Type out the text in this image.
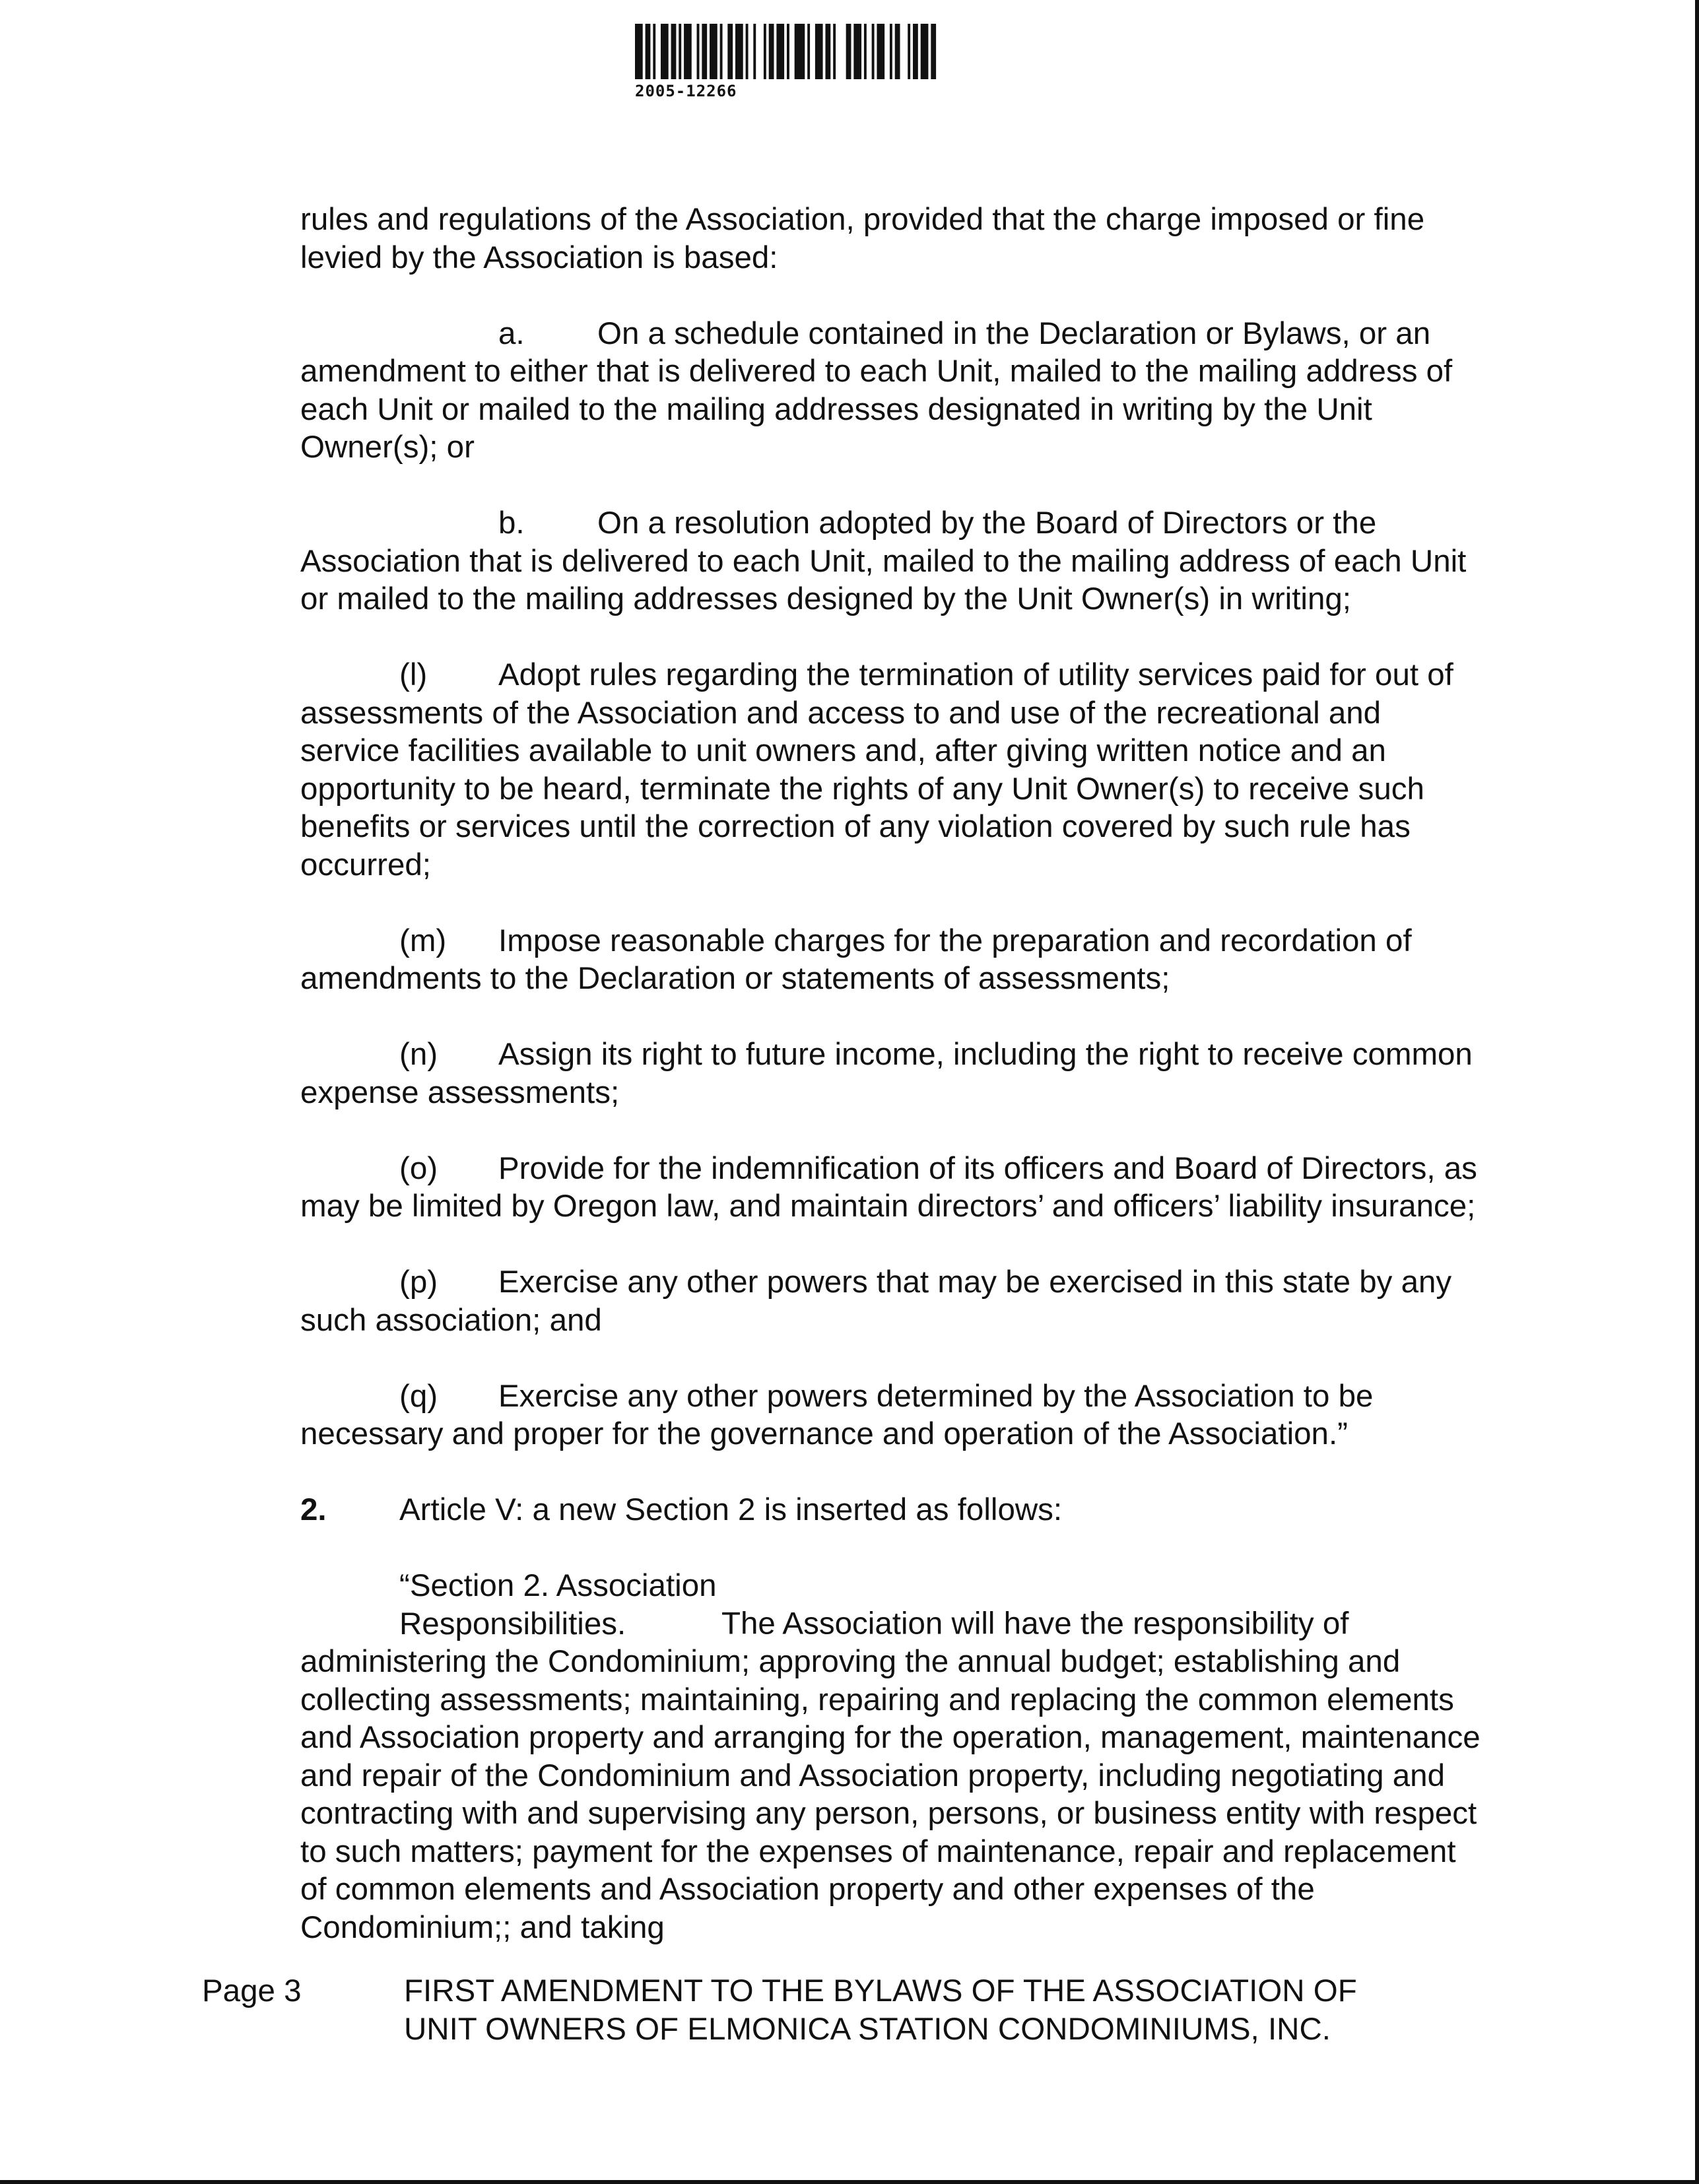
2005-12266

rules and regulations of the Association, provided that the charge imposed or fine levied by the Association is based:

a. On a schedule contained in the Declaration or Bylaws, or an amendment to either that is delivered to each Unit, mailed to the mailing address of each Unit or mailed to the mailing addresses designated in writing by the Unit Owner(s); or

b. On a resolution adopted by the Board of Directors or the Association that is delivered to each Unit, mailed to the mailing address of each Unit or mailed to the mailing addresses designed by the Unit Owner(s) in writing;

(l) Adopt rules regarding the termination of utility services paid for out of assessments of the Association and access to and use of the recreational and service facilities available to unit owners and, after giving written notice and an opportunity to be heard, terminate the rights of any Unit Owner(s) to receive such benefits or services until the correction of any violation covered by such rule has occurred;

(m) Impose reasonable charges for the preparation and recordation of amendments to the Declaration or statements of assessments;

(n) Assign its right to future income, including the right to receive common expense assessments;

(o) Provide for the indemnification of its officers and Board of Directors, as may be limited by Oregon law, and maintain directors’ and officers’ liability insurance;

(p) Exercise any other powers that may be exercised in this state by any such association; and

(q) Exercise any other powers determined by the Association to be necessary and proper for the governance and operation of the Association.”

2. Article V: a new Section 2 is inserted as follows:

“Section 2. Association Responsibilities.	The Association will have the responsibility of administering the Condominium; approving the annual budget; establishing and collecting assessments; maintaining, repairing and replacing the common elements and Association property and arranging for the operation, management, maintenance and repair of the Condominium and Association property, including negotiating and contracting with and supervising any person, persons, or business entity with respect to such matters; payment for the expenses of maintenance, repair and replacement of common elements and Association property and other expenses of the Condominium;; and taking

Page 3	FIRST AMENDMENT TO THE BYLAWS OF THE ASSOCIATION OF
UNIT OWNERS OF ELMONICA STATION CONDOMINIUMS, INC.
